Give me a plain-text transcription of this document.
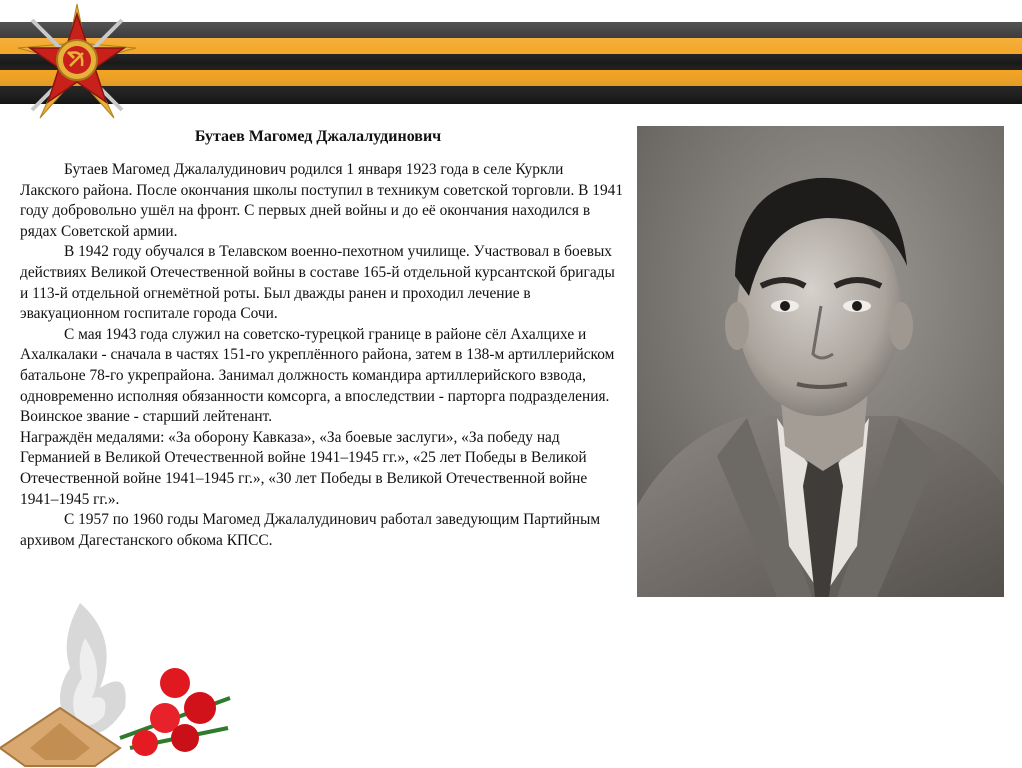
Бутаев Магомед Джалалудинович

Бутаев Магомед Джалалудинович родился 1 января 1923 года в селе Куркли Лакского района. После окончания школы поступил в техникум советской торговли. В 1941 году добровольно ушёл на фронт. С первых дней войны и до её окончания находился в рядах Советской армии.

В 1942 году обучался в Телавском военно-пехотном училище. Участвовал в боевых действиях Великой Отечественной войны в составе 165-й отдельной курсантской бригады и 113-й отдельной огнемётной роты. Был дважды ранен и проходил лечение в эвакуационном госпитале города Сочи.

С мая 1943 года служил на советско-турецкой границе в районе сёл Ахалцихе и Ахалкалаки - сначала в частях 151-го укреплённого района, затем в 138-м артиллерийском батальоне 78-го укрепрайона. Занимал должность командира артиллерийского взвода, одновременно исполняя обязанности комсорга, а впоследствии - парторга подразделения. Воинское звание - старший лейтенант.

Награждён медалями: «За оборону Кавказа», «За боевые заслуги», «За победу над Германией в Великой Отечественной войне 1941–1945 гг.», «25 лет Победы в Великой Отечественной войне 1941–1945 гг.», «30 лет Победы в Великой Отечественной войне 1941–1945 гг.».

С 1957 по 1960 годы Магомед Джалалудинович работал заведующим Партийным архивом Дагестанского обкома КПСС.
